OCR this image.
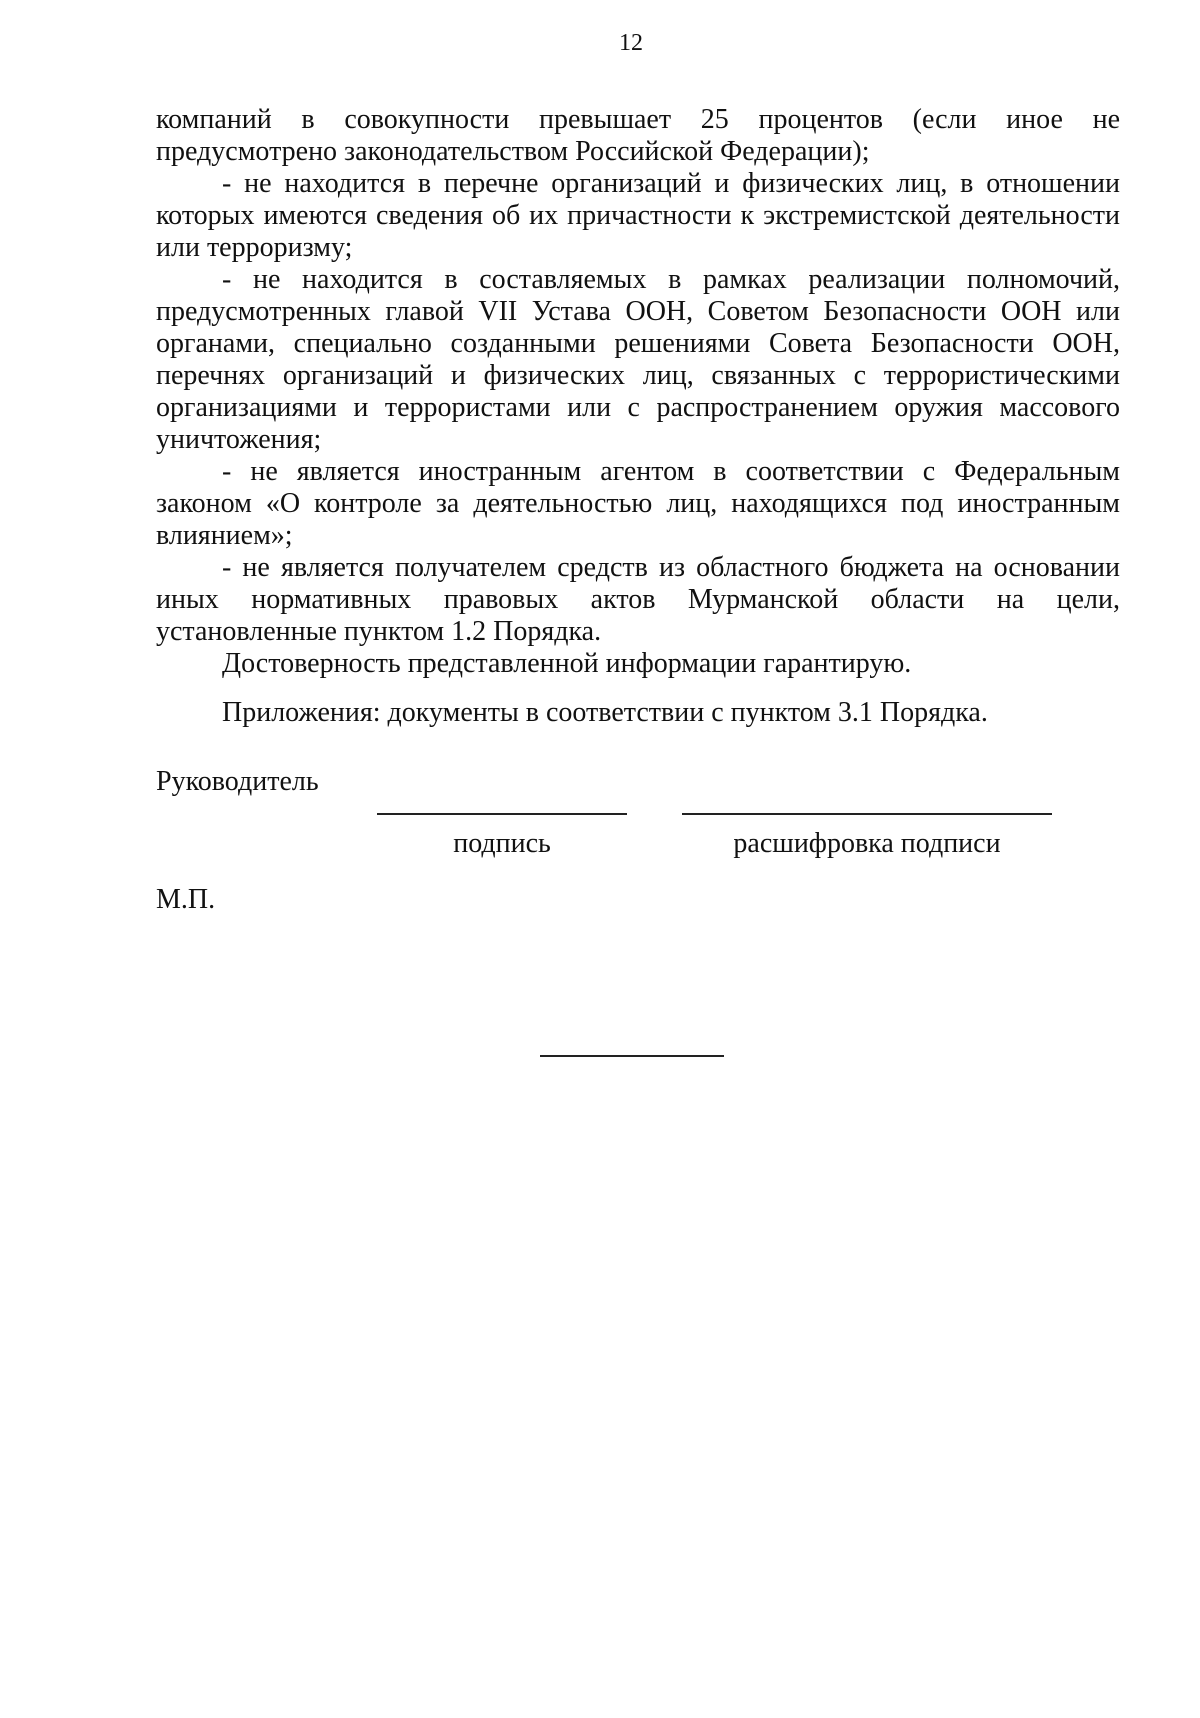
12

компаний в совокупности превышает 25 процентов (если иное не предусмотрено законодательством Российской Федерации);

- не находится в перечне организаций и физических лиц, в отношении которых имеются сведения об их причастности к экстремистской деятельности или терроризму;

- не находится в составляемых в рамках реализации полномочий, предусмотренных главой VII Устава ООН, Советом Безопасности ООН или органами, специально созданными решениями Совета Безопасности ООН, перечнях организаций и физических лиц, связанных с террористическими организациями и террористами или с распространением оружия массового уничтожения;

- не является иностранным агентом в соответствии с Федеральным законом «О контроле за деятельностью лиц, находящихся под иностранным влиянием»;

- не является получателем средств из областного бюджета на основании иных нормативных правовых актов Мурманской области на цели, установленные пунктом 1.2 Порядка.

Достоверность представленной информации гарантирую.

Приложения: документы в соответствии с пунктом 3.1 Порядка.
Руководитель
подпись	расшифровка подписи
М.П.
